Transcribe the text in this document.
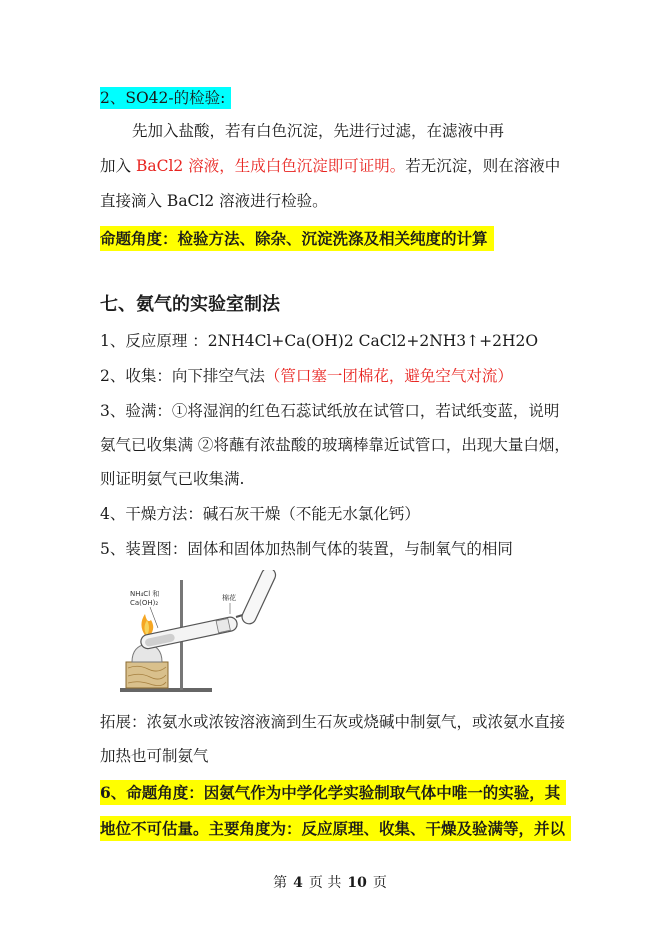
2、SO42-的检验:
先加入盐酸，若有白色沉淀，先进行过滤，在滤液中再
加入 BaCl2 溶液，生成白色沉淀即可证明。若无沉淀，则在溶液中
直接滴入 BaCl2 溶液进行检验。
命题角度：检验方法、除杂、沉淀洗涤及相关纯度的计算
七、氨气的实验室制法
1、反应原理 ：2NH4Cl+Ca(OH)2 CaCl2+2NH3↑+2H2O
2、收集：向下排空气法（管口塞一团棉花，避免空气对流）
3、验满：①将湿润的红色石蕊试纸放在试管口，若试纸变蓝，说明
氨气已收集满 ②将蘸有浓盐酸的玻璃棒靠近试管口，出现大量白烟，
则证明氨气已收集满.
4、干燥方法：碱石灰干燥（不能无水氯化钙）
5、装置图：固体和固体加热制气体的装置，与制氧气的相同
NH₄Cl 和
Ca(OH)₂
棉花
拓展：浓氨水或浓铵溶液滴到生石灰或烧碱中制氨气，或浓氨水直接
加热也可制氨气
6、命题角度：因氨气作为中学化学实验制取气体中唯一的实验，其
地位不可估量。主要角度为：反应原理、收集、干燥及验满等，并以
第 4 页 共 10 页
